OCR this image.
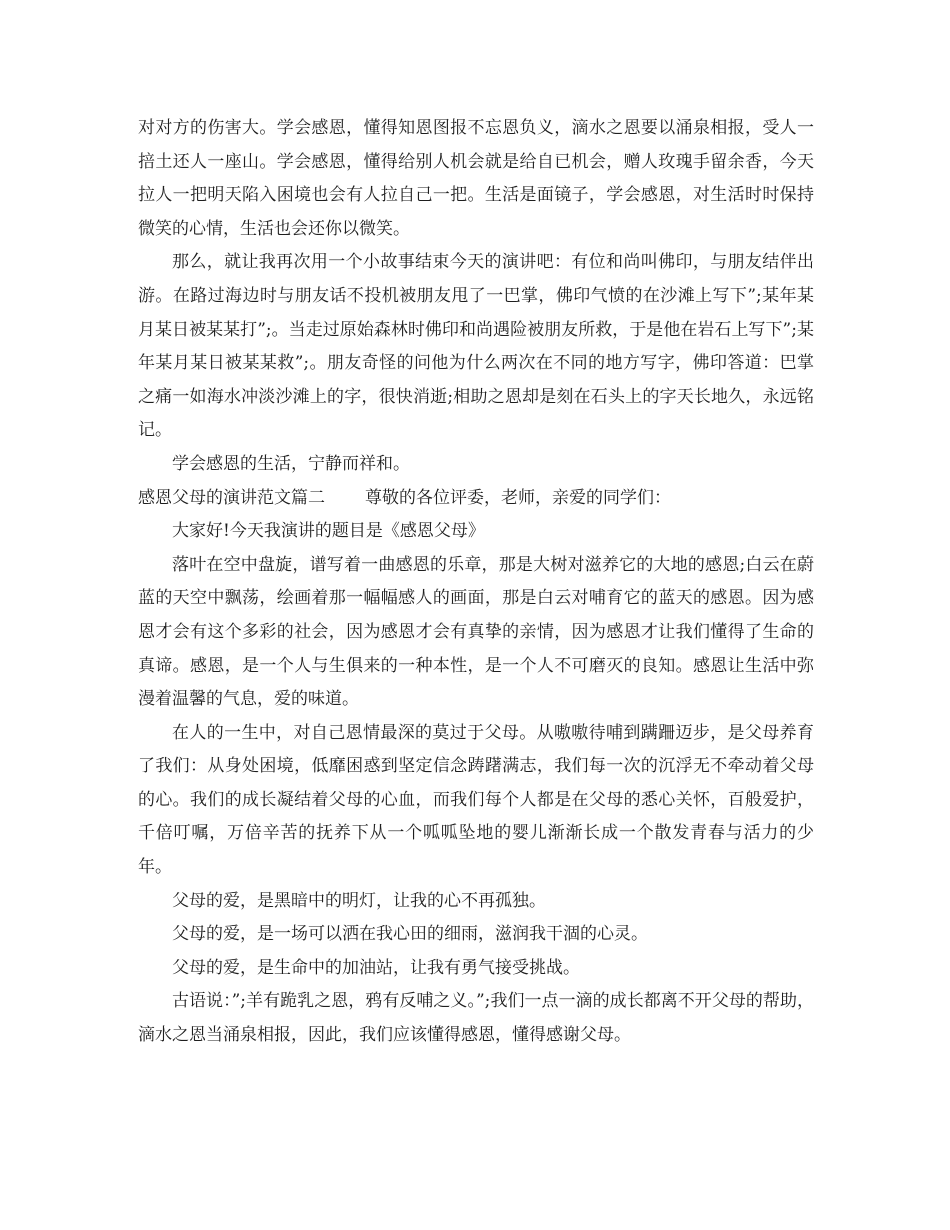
对对方的伤害大。学会感恩，懂得知恩图报不忘恩负义，滴水之恩要以涌泉相报，受人一掊土还人一座山。学会感恩，懂得给别人机会就是给自已机会，赠人玫瑰手留余香，今天拉人一把明天陷入困境也会有人拉自己一把。生活是面镜子，学会感恩，对生活时时保持微笑的心情，生活也会还你以微笑。

那么，就让我再次用一个小故事结束今天的演讲吧：有位和尚叫佛印，与朋友结伴出游。在路过海边时与朋友话不投机被朋友甩了一巴掌，佛印气愤的在沙滩上写下”;某年某月某日被某某打”;。当走过原始森林时佛印和尚遇险被朋友所救，于是他在岩石上写下”;某年某月某日被某某救”;。朋友奇怪的问他为什么两次在不同的地方写字，佛印答道：巴掌之痛一如海水冲淡沙滩上的字，很快消逝;相助之恩却是刻在石头上的字天长地久，永远铭记。

学会感恩的生活，宁静而祥和。

感恩父母的演讲范文篇二 尊敬的各位评委，老师，亲爱的同学们：

大家好!今天我演讲的题目是《感恩父母》

落叶在空中盘旋，谱写着一曲感恩的乐章，那是大树对滋养它的大地的感恩;白云在蔚蓝的天空中飘荡，绘画着那一幅幅感人的画面，那是白云对哺育它的蓝天的感恩。因为感恩才会有这个多彩的社会，因为感恩才会有真挚的亲情，因为感恩才让我们懂得了生命的真谛。感恩，是一个人与生俱来的一种本性，是一个人不可磨灭的良知。感恩让生活中弥漫着温馨的气息，爱的味道。

在人的一生中，对自己恩情最深的莫过于父母。从嗷嗷待哺到蹒跚迈步，是父母养育了我们：从身处困境，低靡困惑到坚定信念踌躇满志，我们每一次的沉浮无不牵动着父母的心。我们的成长凝结着父母的心血，而我们每个人都是在父母的悉心关怀，百般爱护，千倍叮嘱，万倍辛苦的抚养下从一个呱呱坠地的婴儿渐渐长成一个散发青春与活力的少年。

父母的爱，是黑暗中的明灯，让我的心不再孤独。

父母的爱，是一场可以洒在我心田的细雨，滋润我干涸的心灵。

父母的爱，是生命中的加油站，让我有勇气接受挑战。

古语说：”;羊有跪乳之恩，鸦有反哺之义。”;我们一点一滴的成长都离不开父母的帮助，滴水之恩当涌泉相报，因此，我们应该懂得感恩，懂得感谢父母。
